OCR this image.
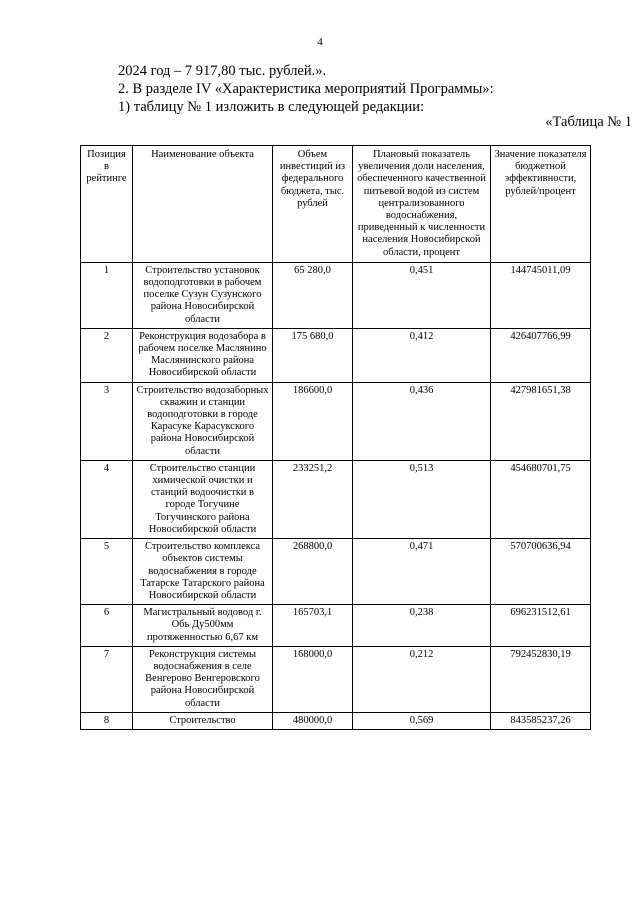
4
2024 год – 7 917,80 тыс. рублей.».
2. В разделе IV «Характеристика мероприятий Программы»:
1) таблицу № 1 изложить в следующей редакции:
«Таблица № 1
Позиция в рейтинге	Наименование объекта	Объем инвестиций из федерального бюджета, тыс. рублей	Плановый показатель увеличения доли населения, обеспеченного качественной питьевой водой из систем централизованного водоснабжения, приведенный к численности населения Новосибирской области, процент	Значение показателя бюджетной эффективности, рублей/процент
1	Строительство установок водоподготовки в рабочем поселке Сузун Сузунского района Новосибирской области	65 280,0	0,451	144745011,09
2	Реконструкция водозабора в рабочем поселке Маслянино Маслянинского района Новосибирской области	175 680,0	0,412	426407766,99
3	Строительство водозаборных скважин и станции водоподготовки в городе Карасуке Карасукского района Новосибирской области	186600,0	0,436	427981651,38
4	Строительство станции химической очистки и станций водоочистки в городе Тогучине Тогучинского района Новосибирской области	233251,2	0,513	454680701,75
5	Строительство комплекса объектов системы водоснабжения в городе Татарске Татарского района Новосибирской области	268800,0	0,471	570700636,94
6	Магистральный водовод г. Обь Ду500мм протяженностью 6,67 км	165703,1	0,238	696231512,61
7	Реконструкция системы водоснабжения в селе Венгерово Венгеровского района Новосибирской области	168000,0	0,212	792452830,19
8	Строительство	480000,0	0,569	843585237,26
